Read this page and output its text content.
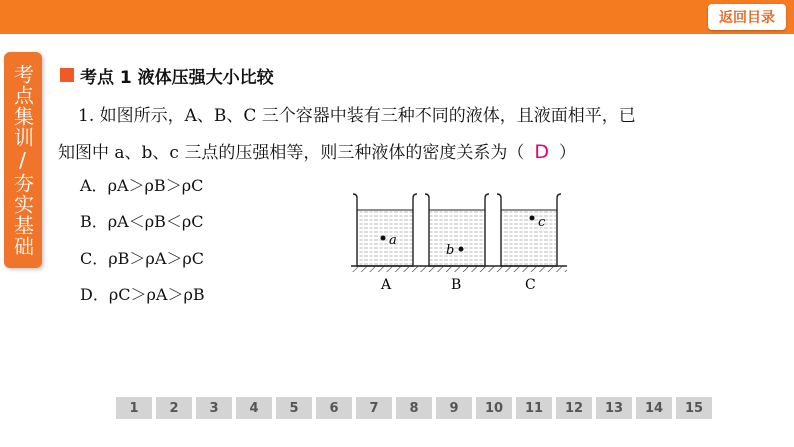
返回目录
考点集训/夯实基础	考点 1 液体压强大小比较
1. 如图所示，A、B、C 三个容器中装有三种不同的液体，且液面相平，已
知图中 a、b、c 三点的压强相等，则三种液体的密度关系为（ D ）
A． ρA＞ρB＞ρC
B． ρA＜ρB＜ρC
C． ρB＞ρA＞ρC
D． ρC＞ρA＞ρB
a
b
c
A	B	C
1	2	3	4	5	6	7	8	9	10	11	12	13	14	15
